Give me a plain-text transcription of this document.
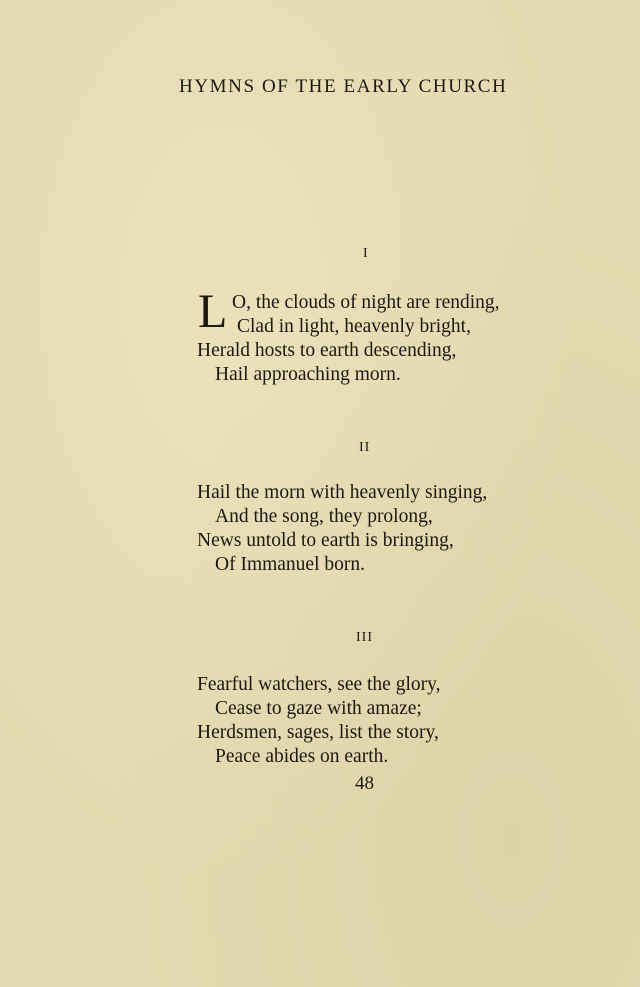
HYMNS OF THE EARLY CHURCH
I
L O, the clouds of night are rending,
Clad in light, heavenly bright,
Herald hosts to earth descending,
Hail approaching morn.
II
Hail the morn with heavenly singing,
And the song, they prolong,
News untold to earth is bringing,
Of Immanuel born.
III
Fearful watchers, see the glory,
Cease to gaze with amaze;
Herdsmen, sages, list the story,
Peace abides on earth.
48
